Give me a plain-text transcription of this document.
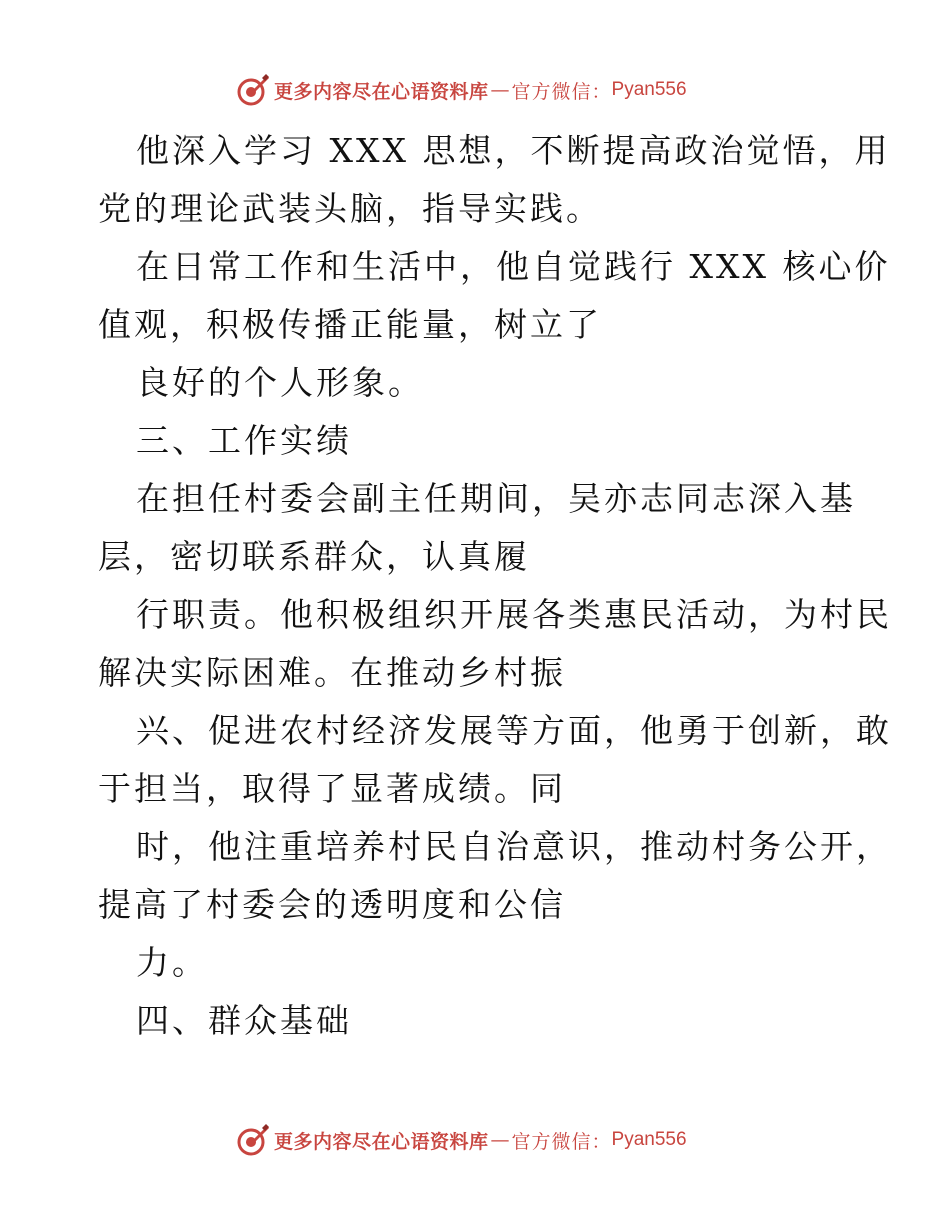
更多内容尽在心语资料库 — 官方微信： Pyan556
他深入学习 XXX 思想，不断提高政治觉悟，用
党的理论武装头脑，指导实践。
在日常工作和生活中，他自觉践行 XXX 核心价
值观，积极传播正能量，树立了
良好的个人形象。
三、工作实绩
在担任村委会副主任期间，吴亦志同志深入基
层，密切联系群众，认真履
行职责。他积极组织开展各类惠民活动，为村民
解决实际困难。在推动乡村振
兴、促进农村经济发展等方面，他勇于创新，敢
于担当，取得了显著成绩。同
时，他注重培养村民自治意识，推动村务公开，
提高了村委会的透明度和公信
力。
四、群众基础
更多内容尽在心语资料库 — 官方微信： Pyan556
